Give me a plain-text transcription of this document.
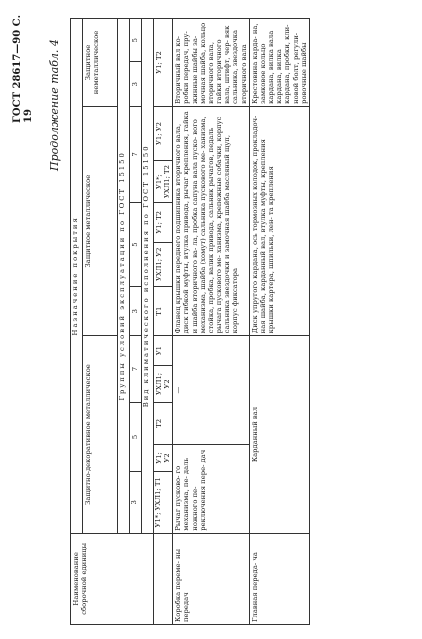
ГОСТ 28617—90 С. 19 Продолжение табл. 4
Наименование сборочной единицы	Назначение покрытия											
	Защитно-декоративное металлическое					Защитное металлическое					Защитное неметаллическое	
	Группы условий эксплуатации по ГОСТ 15150											
	3	5		7		3	5		7		3	5
	Вид климатического исполнения по ГОСТ 15150											
	У1*; УХЛ1; Т1	У1; У2	Т2	УХЛ1; У2	У1	Т1	УХЛ1; У2	У1; Т2	У1*; УХЛ1; Т2	У1; У2	У1; Т2	
Коробка переме- ны передач	Рычаг пусково- го механизма, пе- даль ножного пе- реключения пере- дач		—			Фланец крышки переднего подшипника вторичного вала, диск гибкой муфты, втулка привода, рычаг крепления, гайка и шайба вторичного ва- ла, пробка сапуна вала пуско- вого механизма, шайба (хомут) сальника пускового ме- ханизма, стойка, пробка, валик привода, сальник рычагов, педаль рычага пускового ме- ханизма, крепежные собачки, корпус сальника звездочки и замочная шайба масляный щуп, корпус фиксатора					Вторичный вал ко- робки передач, пру- жинные шайбы за- мочная шайба, кольцо вторичного вала, гайки вторичного вала, штифт, чер- вяк сальника, звездочка вторичного вала	
Главная переда- ча	Карданный вал					Диск упругого кардана, ось тормозных колодок, прокладоч- ная шайба, карданный вал, втулка муфты, крепления крышки картера, шпильки, лен- та крепления					Крестовина карда- на, замковое кольцо кардана, вилка вала кардана, вилка кардана, пробки, кли- новой болт, регули- ровочные шайбы	
